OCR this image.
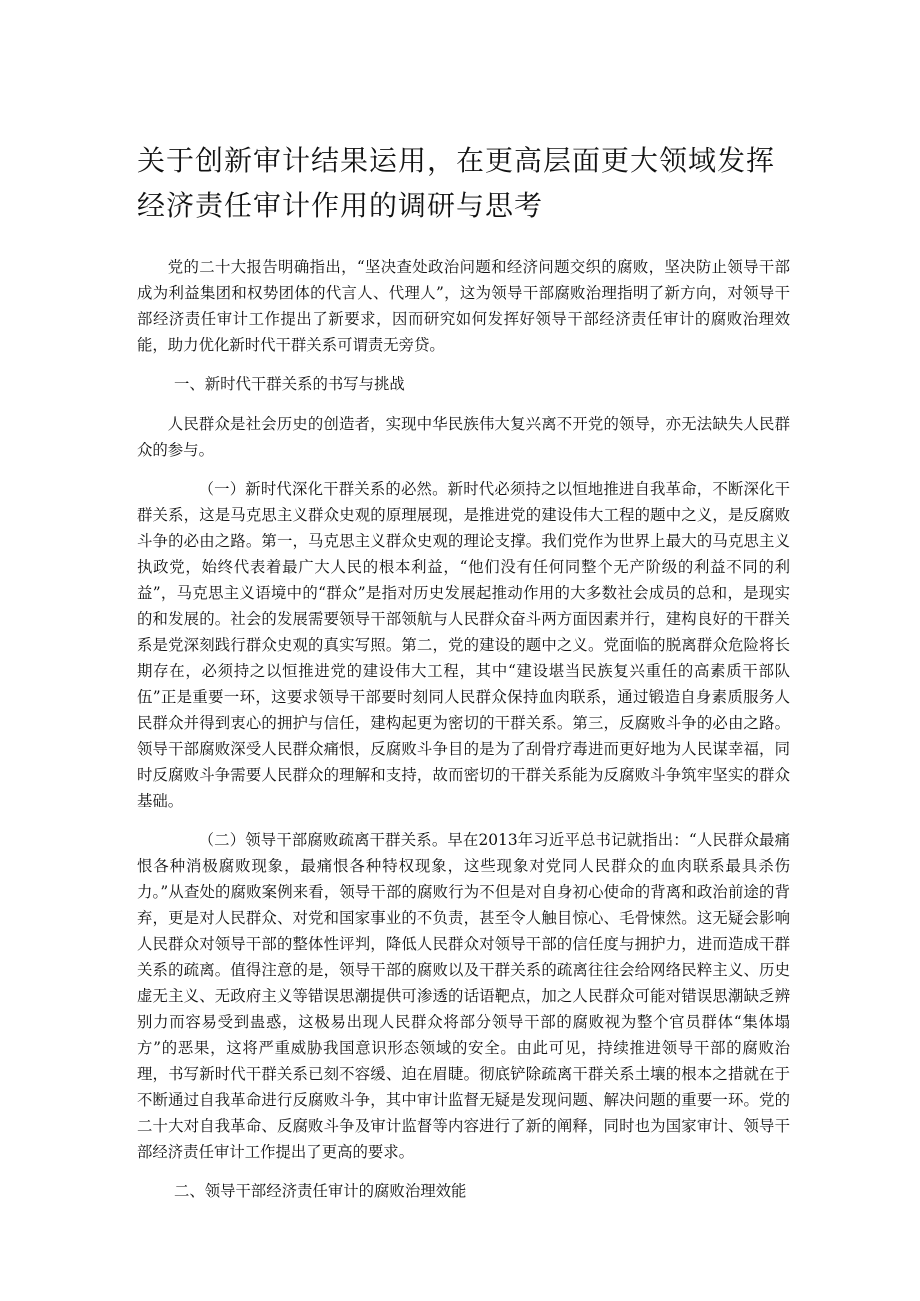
关于创新审计结果运用，在更高层面更大领域发挥经济责任审计作用的调研与思考

党的二十大报告明确指出，“坚决查处政治问题和经济问题交织的腐败，坚决防止领导干部成为利益集团和权势团体的代言人、代理人”，这为领导干部腐败治理指明了新方向，对领导干部经济责任审计工作提出了新要求，因而研究如何发挥好领导干部经济责任审计的腐败治理效能，助力优化新时代干群关系可谓责无旁贷。

一、新时代干群关系的书写与挑战

人民群众是社会历史的创造者，实现中华民族伟大复兴离不开党的领导，亦无法缺失人民群众的参与。

（一）新时代深化干群关系的必然。新时代必须持之以恒地推进自我革命，不断深化干群关系，这是马克思主义群众史观的原理展现，是推进党的建设伟大工程的题中之义，是反腐败斗争的必由之路。第一，马克思主义群众史观的理论支撑。我们党作为世界上最大的马克思主义执政党，始终代表着最广大人民的根本利益，“他们没有任何同整个无产阶级的利益不同的利益”，马克思主义语境中的“群众”是指对历史发展起推动作用的大多数社会成员的总和，是现实的和发展的。社会的发展需要领导干部领航与人民群众奋斗两方面因素并行，建构良好的干群关系是党深刻践行群众史观的真实写照。第二，党的建设的题中之义。党面临的脱离群众危险将长期存在，必须持之以恒推进党的建设伟大工程，其中“建设堪当民族复兴重任的高素质干部队伍”正是重要一环，这要求领导干部要时刻同人民群众保持血肉联系，通过锻造自身素质服务人民群众并得到衷心的拥护与信任，建构起更为密切的干群关系。第三，反腐败斗争的必由之路。领导干部腐败深受人民群众痛恨，反腐败斗争目的是为了刮骨疗毒进而更好地为人民谋幸福，同时反腐败斗争需要人民群众的理解和支持，故而密切的干群关系能为反腐败斗争筑牢坚实的群众基础。

（二）领导干部腐败疏离干群关系。早在2013年习近平总书记就指出：“人民群众最痛恨各种消极腐败现象，最痛恨各种特权现象，这些现象对党同人民群众的血肉联系最具杀伤力。”从查处的腐败案例来看，领导干部的腐败行为不但是对自身初心使命的背离和政治前途的背弃，更是对人民群众、对党和国家事业的不负责，甚至令人触目惊心、毛骨悚然。这无疑会影响人民群众对领导干部的整体性评判，降低人民群众对领导干部的信任度与拥护力，进而造成干群关系的疏离。值得注意的是，领导干部的腐败以及干群关系的疏离往往会给网络民粹主义、历史虚无主义、无政府主义等错误思潮提供可渗透的话语靶点，加之人民群众可能对错误思潮缺乏辨别力而容易受到蛊惑，这极易出现人民群众将部分领导干部的腐败视为整个官员群体“集体塌方”的恶果，这将严重威胁我国意识形态领域的安全。由此可见，持续推进领导干部的腐败治理，书写新时代干群关系已刻不容缓、迫在眉睫。彻底铲除疏离干群关系土壤的根本之措就在于不断通过自我革命进行反腐败斗争，其中审计监督无疑是发现问题、解决问题的重要一环。党的二十大对自我革命、反腐败斗争及审计监督等内容进行了新的阐释，同时也为国家审计、领导干部经济责任审计工作提出了更高的要求。

二、领导干部经济责任审计的腐败治理效能
